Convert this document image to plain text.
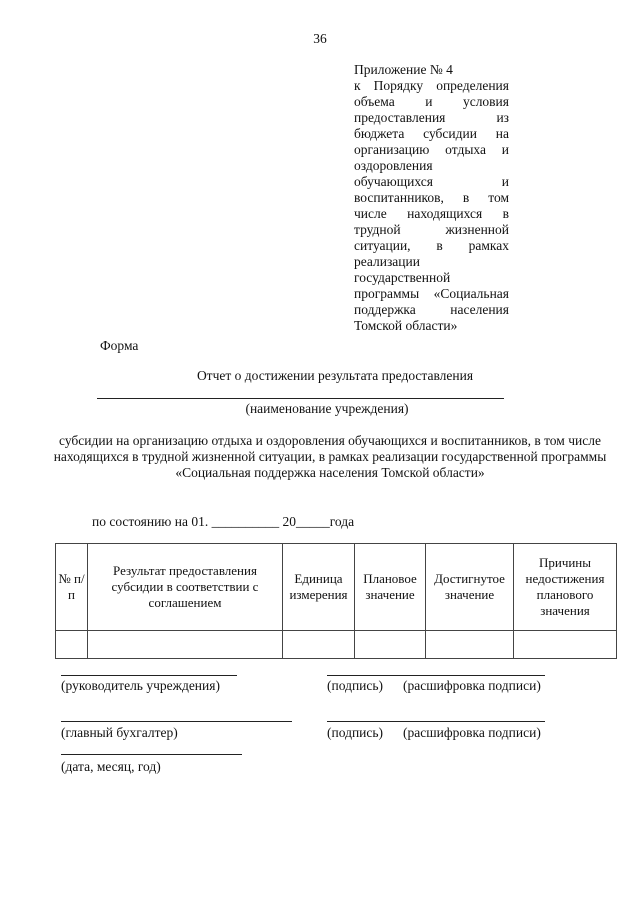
36

Приложение № 4

к Порядку определения объема и условия предоставления из бюджета субсидии на организацию отдыха и оздоровления обучающихся и воспитанников, в том числе находящихся в трудной жизненной ситуации, в рамках реализации государственной программы «Социальная поддержка населения Томской области»

Форма
Отчет о достижении результата предоставления
(наименование учреждения)
субсидии на организацию отдыха и оздоровления обучающихся и воспитанников, в том числе находящихся в трудной жизненной ситуации, в рамках реализации государственной программы «Социальная поддержка населения Томской области»
по состоянию на 01. __________ 20_____года
№ п/п	Результат предоставления субсидии в соответствии с соглашением	Единица измерения	Плановое значение	Достигнутое значение	Причины недостижения планового значения

(руководитель учреждения)	(подпись) (расшифровка подписи)
(главный бухгалтер)	(подпись) (расшифровка подписи)
(дата, месяц, год)
